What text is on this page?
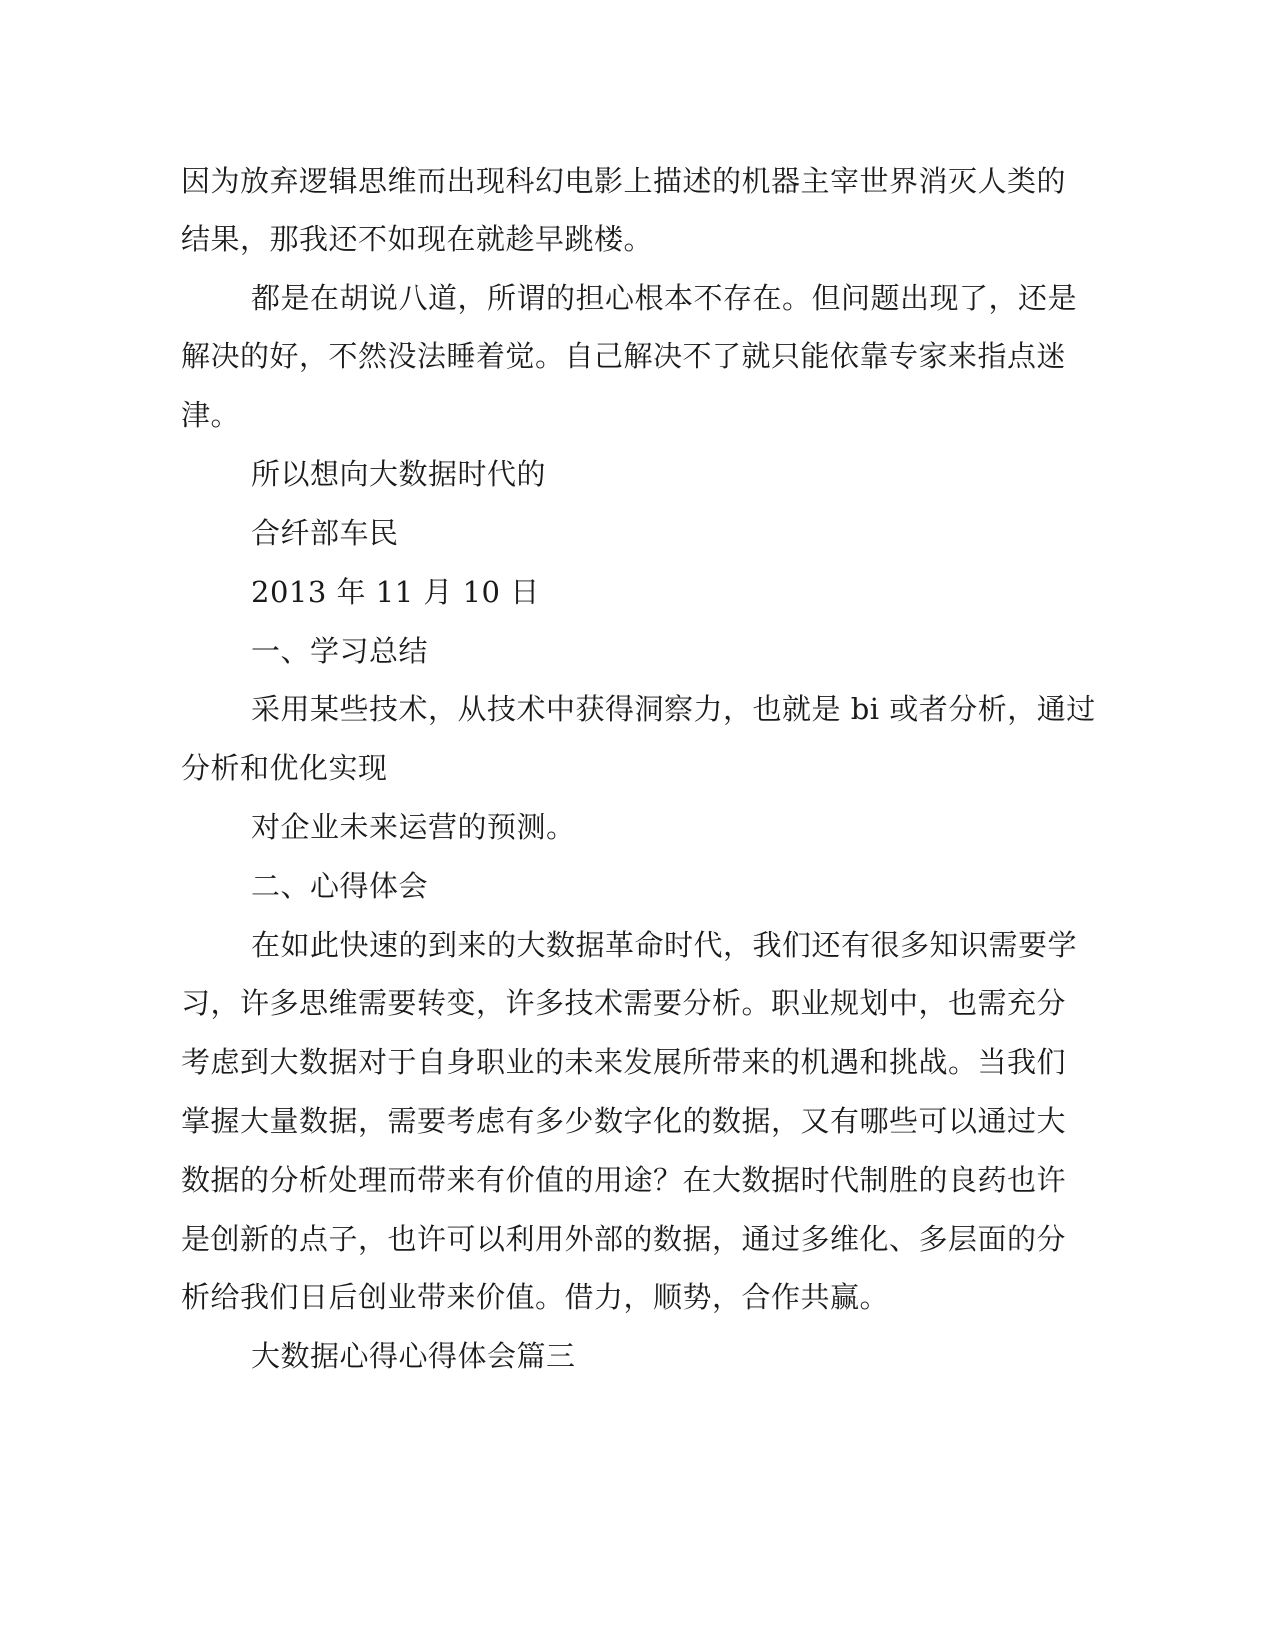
因为放弃逻辑思维而出现科幻电影上描述的机器主宰世界消灭人类的
结果，那我还不如现在就趁早跳楼。
都是在胡说八道，所谓的担心根本不存在。但问题出现了，还是
解决的好，不然没法睡着觉。自己解决不了就只能依靠专家来指点迷
津。
所以想向大数据时代的
合纤部车民
2013 年 11 月 10 日
一、学习总结
采用某些技术，从技术中获得洞察力，也就是 bi 或者分析，通过
分析和优化实现
对企业未来运营的预测。
二、心得体会
在如此快速的到来的大数据革命时代，我们还有很多知识需要学
习，许多思维需要转变，许多技术需要分析。职业规划中，也需充分
考虑到大数据对于自身职业的未来发展所带来的机遇和挑战。当我们
掌握大量数据，需要考虑有多少数字化的数据，又有哪些可以通过大
数据的分析处理而带来有价值的用途？在大数据时代制胜的良药也许
是创新的点子，也许可以利用外部的数据，通过多维化、多层面的分
析给我们日后创业带来价值。借力，顺势，合作共赢。
大数据心得心得体会篇三
